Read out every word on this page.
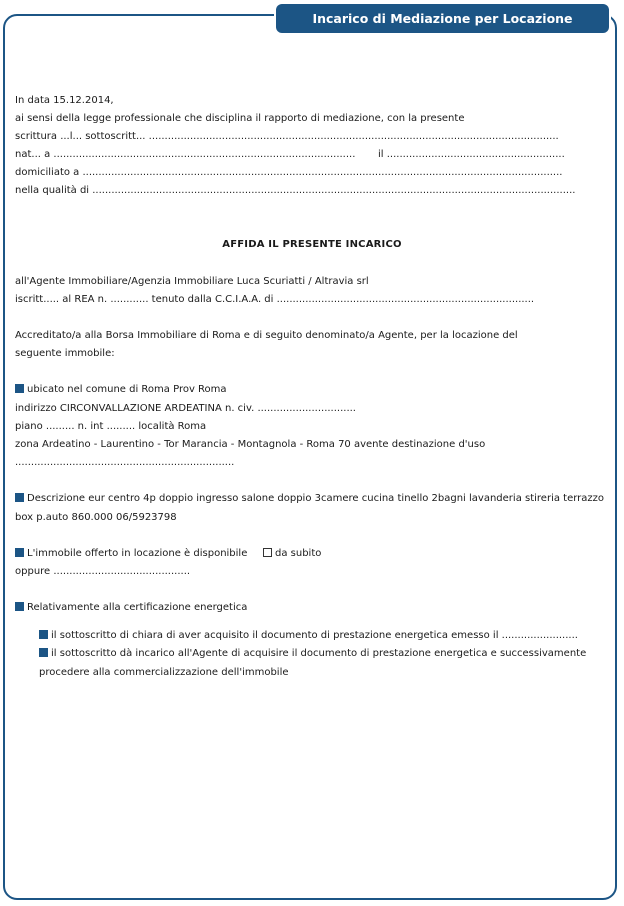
Incarico di Mediazione per Locazione immobiliare
In data 15.12.2014,
ai sensi della legge professionale che disciplina il rapporto di mediazione, con la presente
scrittura ...l... sottoscritt... .................................................................................................................................
nat... a ............................................................................................... il ........................................................
domiciliato a .......................................................................................................................................................
nella qualità di ........................................................................................................................................................
AFFIDA IL PRESENTE INCARICO
all'Agente Immobiliare/Agenzia Immobiliare Luca Scuriatti / Altravia srl
iscritt..... al REA n. ............ tenuto dalla C.C.I.A.A. di .................................................................................
Accreditato/a alla Borsa Immobiliare di Roma e di seguito denominato/a Agente, per la locazione del
seguente immobile:
ubicato nel comune di Roma Prov Roma
indirizzo CIRCONVALLAZIONE ARDEATINA n. civ. ...............................
piano ......... n. int ......... località Roma
zona Ardeatino - Laurentino - Tor Marancia - Montagnola - Roma 70 avente destinazione d'uso
.....................................................................
Descrizione eur centro 4p doppio ingresso salone doppio 3camere cucina tinello 2bagni lavanderia stireria terrazzo
box p.auto 860.000 06/5923798
L'immobile offerto in locazione è disponibile	da subito
oppure ...........................................
Relativamente alla certificazione energetica
il sottoscritto di chiara di aver acquisito il documento di prestazione energetica emesso il ........................
il sottoscritto dà incarico all'Agente di acquisire il documento di prestazione energetica e successivamente
procedere alla commercializzazione dell'immobile
